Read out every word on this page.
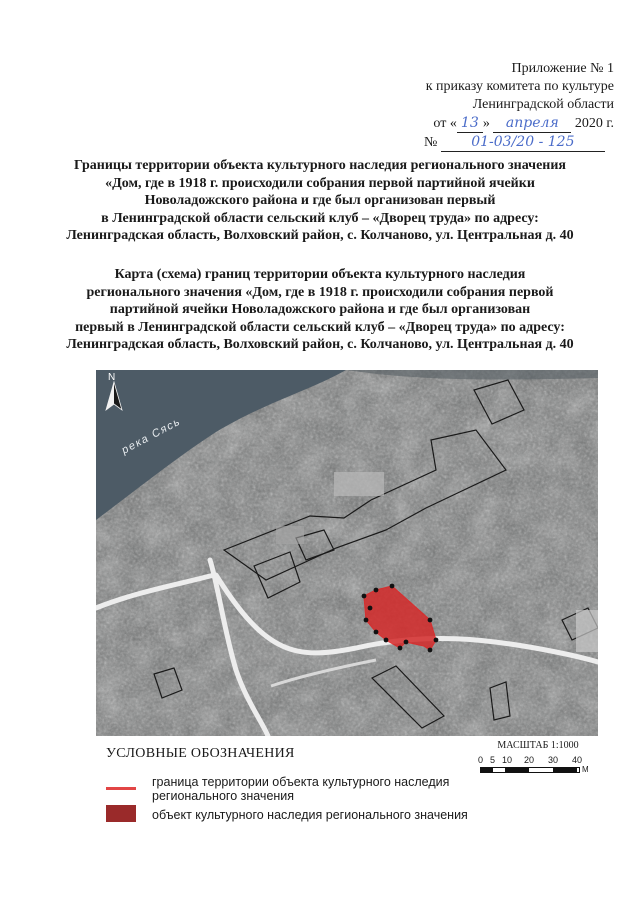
Приложение № 1
к приказу комитета по культуре
Ленинградской области
от « 13 » апреля 2020 г.
№ 01-03/20 - 125
Границы территории объекта культурного наследия регионального значения
«Дом, где в 1918 г. происходили собрания первой партийной ячейки
Новоладожского района и где был организован первый
в Ленинградской области сельский клуб – «Дворец труда» по адресу:
Ленинградская область, Волховский район, с. Колчаново, ул. Центральная д. 40
Карта (схема) границ территории объекта культурного наследия
регионального значения «Дом, где в 1918 г. происходили собрания первой
партийной ячейки Новоладожского района и где был организован
первый в Ленинградской области сельский клуб – «Дворец труда» по адресу:
Ленинградская область, Волховский район, с. Колчаново, ул. Центральная д. 40
N
река Сясь
УСЛОВНЫЕ ОБОЗНАЧЕНИЯ
граница территории объекта культурного наследия
регионального значения
объект культурного наследия регионального значения
МАСШТАБ 1:1000
0 5 10 20 30 40
М
